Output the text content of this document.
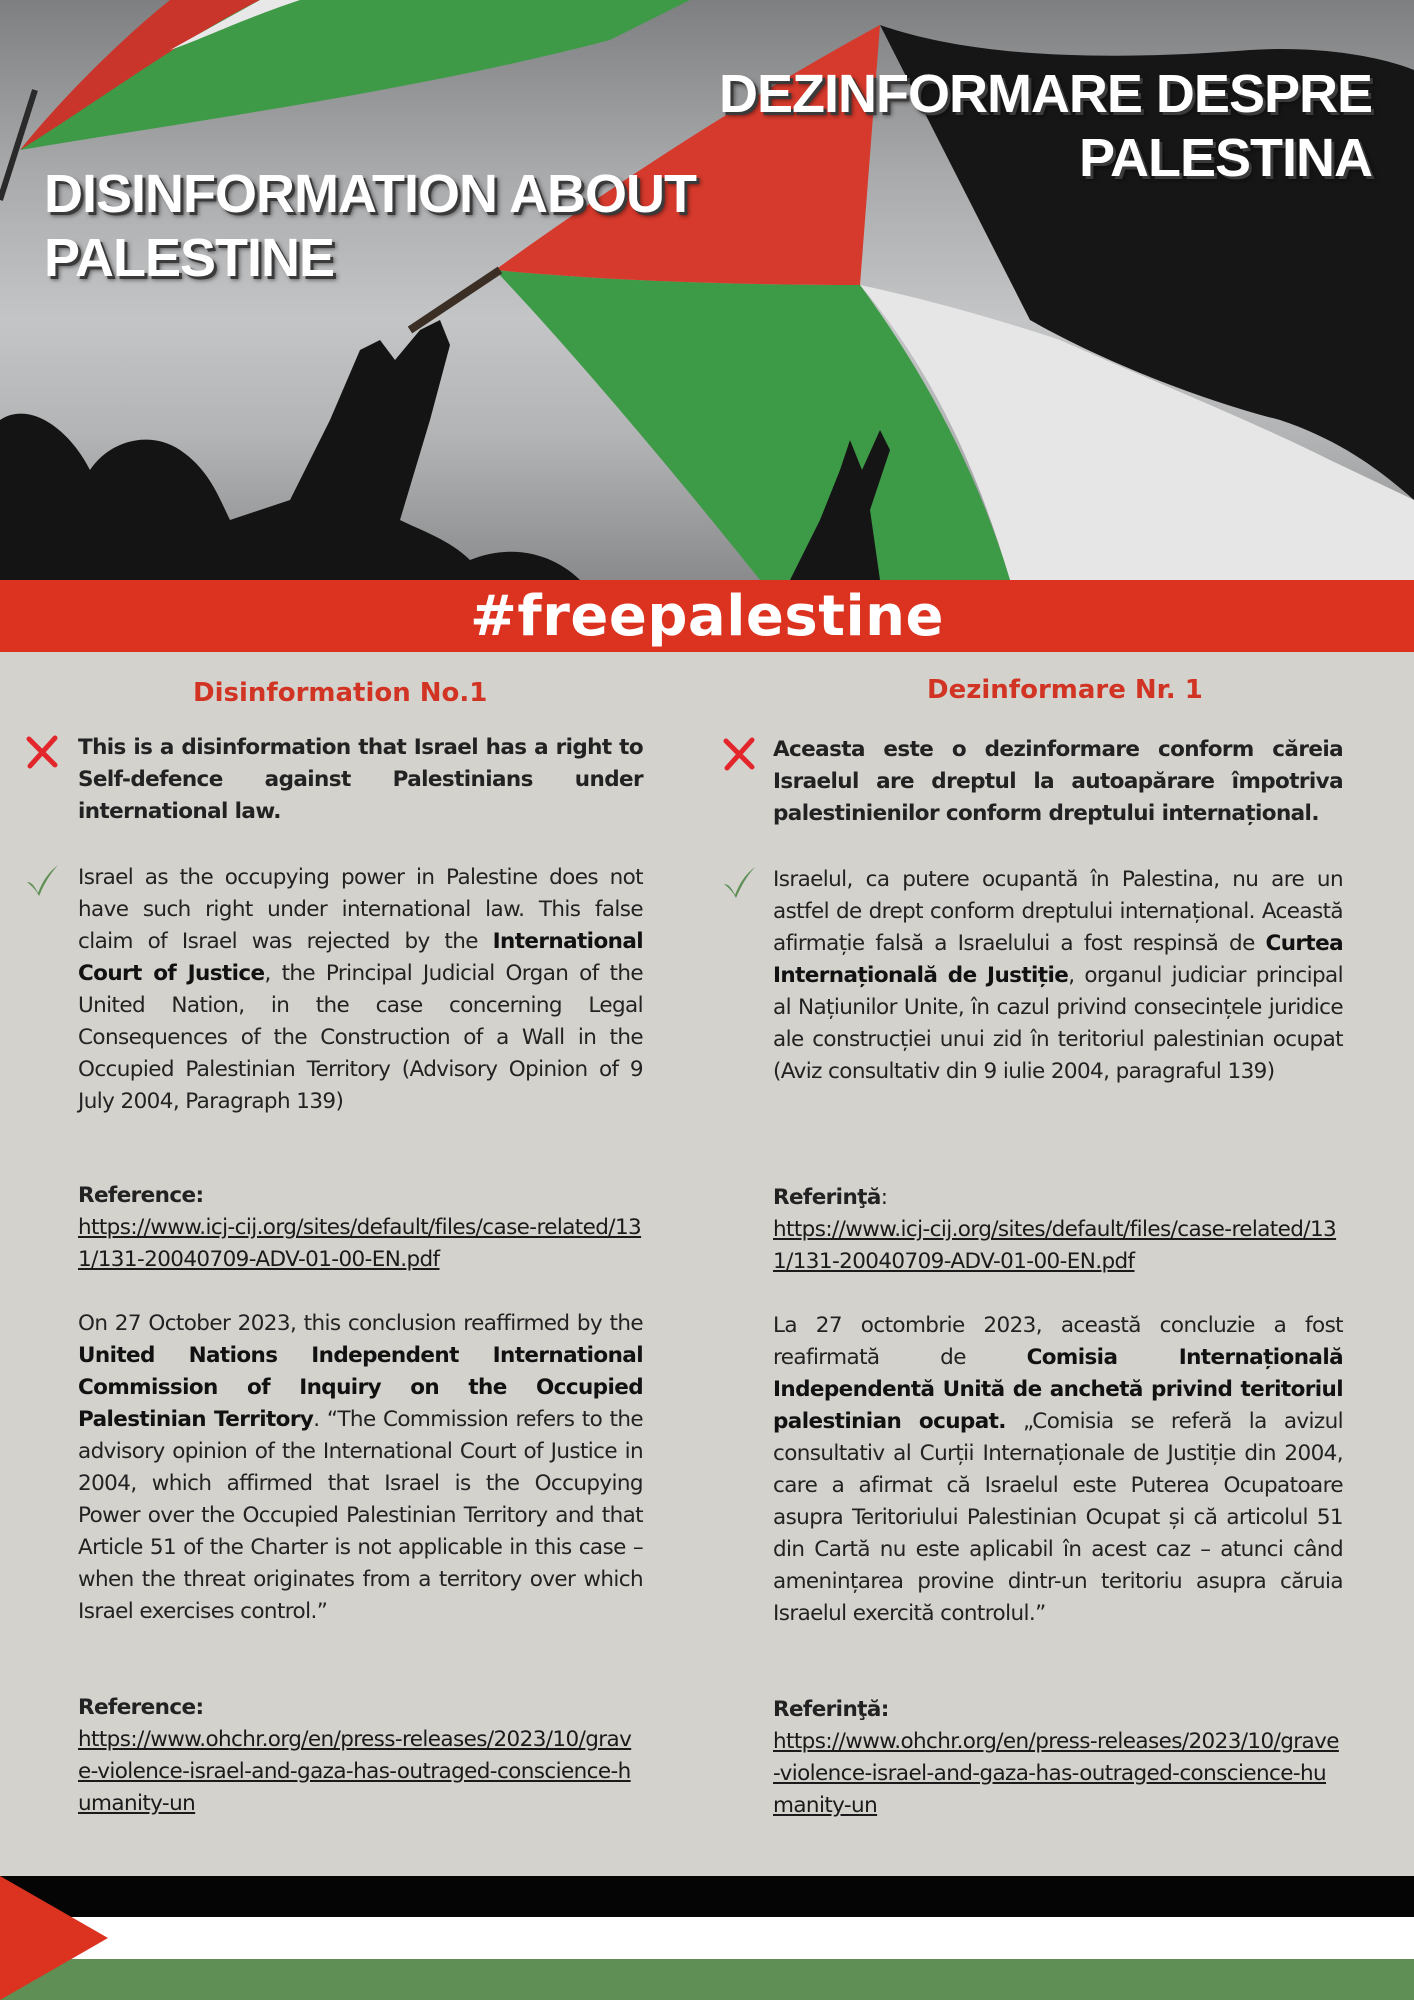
DISINFORMATION ABOUT
PALESTINE
DEZINFORMARE DESPRE
PALESTINA
#freepalestine
Disinformation No.1
This is a disinformation that Israel has a right to Self-defence against Palestinians under international law.
Israel as the occupying power in Palestine does not have such right under international law. This false claim of Israel was rejected by the International Court of Justice, the Principal Judicial Organ of the United Nation, in the case concerning Legal Consequences of the Construction of a Wall in the Occupied Palestinian Territory (Advisory Opinion of 9 July 2004, Paragraph 139)
Reference:
https://www.icj-cij.org/sites/default/files/case-related/131/131-20040709-ADV-01-00-EN.pdf
On 27 October 2023, this conclusion reaffirmed by the United Nations Independent International Commission of Inquiry on the Occupied Palestinian Territory. “The Commission refers to the advisory opinion of the International Court of Justice in 2004, which affirmed that Israel is the Occupying Power over the Occupied Palestinian Territory and that Article 51 of the Charter is not applicable in this case – when the threat originates from a territory over which Israel exercises control.”
Reference:
https://www.ohchr.org/en/press-releases/2023/10/grave-violence-israel-and-gaza-has-outraged-conscience-humanity-un
Dezinformare Nr. 1
Aceasta este o dezinformare conform căreia Israelul are dreptul la autoapărare împotriva palestinienilor conform dreptului internațional.
Israelul, ca putere ocupantă în Palestina, nu are un astfel de drept conform dreptului internațional. Această afirmație falsă a Israelului a fost respinsă de Curtea Internațională de Justiție, organul judiciar principal al Națiunilor Unite, în cazul privind consecințele juridice ale construcției unui zid în teritoriul palestinian ocupat (Aviz consultativ din 9 iulie 2004, paragraful 139)
Referinţă:
https://www.icj-cij.org/sites/default/files/case-related/131/131-20040709-ADV-01-00-EN.pdf
La 27 octombrie 2023, această concluzie a fost reafirmată de Comisia Internațională Independentă Unită de anchetă privind teritoriul palestinian ocupat. „Comisia se referă la avizul consultativ al Curții Internaționale de Justiție din 2004, care a afirmat că Israelul este Puterea Ocupatoare asupra Teritoriului Palestinian Ocupat și că articolul 51 din Cartă nu este aplicabil în acest caz – atunci când amenințarea provine dintr-un teritoriu asupra căruia Israelul exercită controlul.”
Referinţă:
https://www.ohchr.org/en/press-releases/2023/10/grave-violence-israel-and-gaza-has-outraged-conscience-humanity-un
